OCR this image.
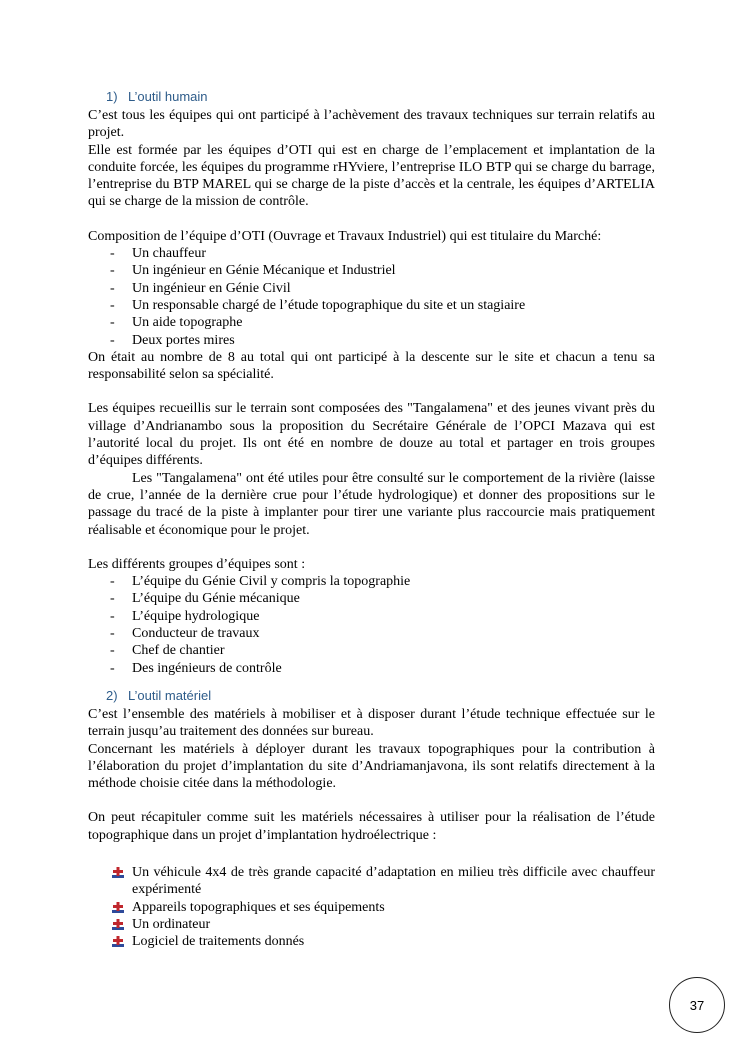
1) L’outil humain

C’est tous les équipes qui ont participé à l’achèvement des travaux techniques sur terrain relatifs au projet.

Elle est formée par les équipes d’OTI qui est en charge de l’emplacement et implantation de la conduite forcée, les équipes du programme rHYviere, l’entreprise ILO BTP qui se charge du barrage, l’entreprise du BTP MAREL qui se charge de la piste d’accès et la centrale, les équipes d’ARTELIA qui se charge de la mission de contrôle.

Composition de l’équipe d’OTI (Ouvrage et Travaux Industriel) qui est titulaire du Marché:

- Un chauffeur
- Un ingénieur en Génie Mécanique et Industriel
- Un ingénieur en Génie Civil
- Un responsable chargé de l’étude topographique du site et un stagiaire
- Un aide topographe
- Deux portes mires

On était au nombre de 8 au total qui ont participé à la descente sur le site et chacun a tenu sa responsabilité selon sa spécialité.

Les équipes recueillis sur le terrain sont composées des "Tangalamena" et des jeunes vivant près du village d’Andrianambo sous la proposition du Secrétaire Générale de l’OPCI Mazava qui est l’autorité local du projet. Ils ont été en nombre de douze au total et partager en trois groupes d’équipes différents.

Les "Tangalamena" ont été utiles pour être consulté sur le comportement de la rivière (laisse de crue, l’année de la dernière crue pour l’étude hydrologique) et donner des propositions sur le passage du tracé de la piste à implanter pour tirer une variante plus raccourcie mais pratiquement réalisable et économique pour le projet.

Les différents groupes d’équipes sont :

- L’équipe du Génie Civil y compris la topographie
- L’équipe du Génie mécanique
- L’équipe hydrologique
- Conducteur de travaux
- Chef de chantier
- Des ingénieurs de contrôle
2) L’outil matériel

C’est l’ensemble des matériels à mobiliser et à disposer durant l’étude technique effectuée sur le terrain jusqu’au traitement des données sur bureau.

Concernant les matériels à déployer durant les travaux topographiques pour la contribution à l’élaboration du projet d’implantation du site d’Andriamanjavona, ils sont relatifs directement à la méthode choisie citée dans la méthodologie.

On peut récapituler comme suit les matériels nécessaires à utiliser pour la réalisation de l’étude topographique dans un projet d’implantation hydroélectrique :

Un véhicule 4x4 de très grande capacité d’adaptation en milieu très difficile avec chauffeur expérimenté
Appareils topographiques et ses équipements
Un ordinateur
Logiciel de traitements donnés
37
